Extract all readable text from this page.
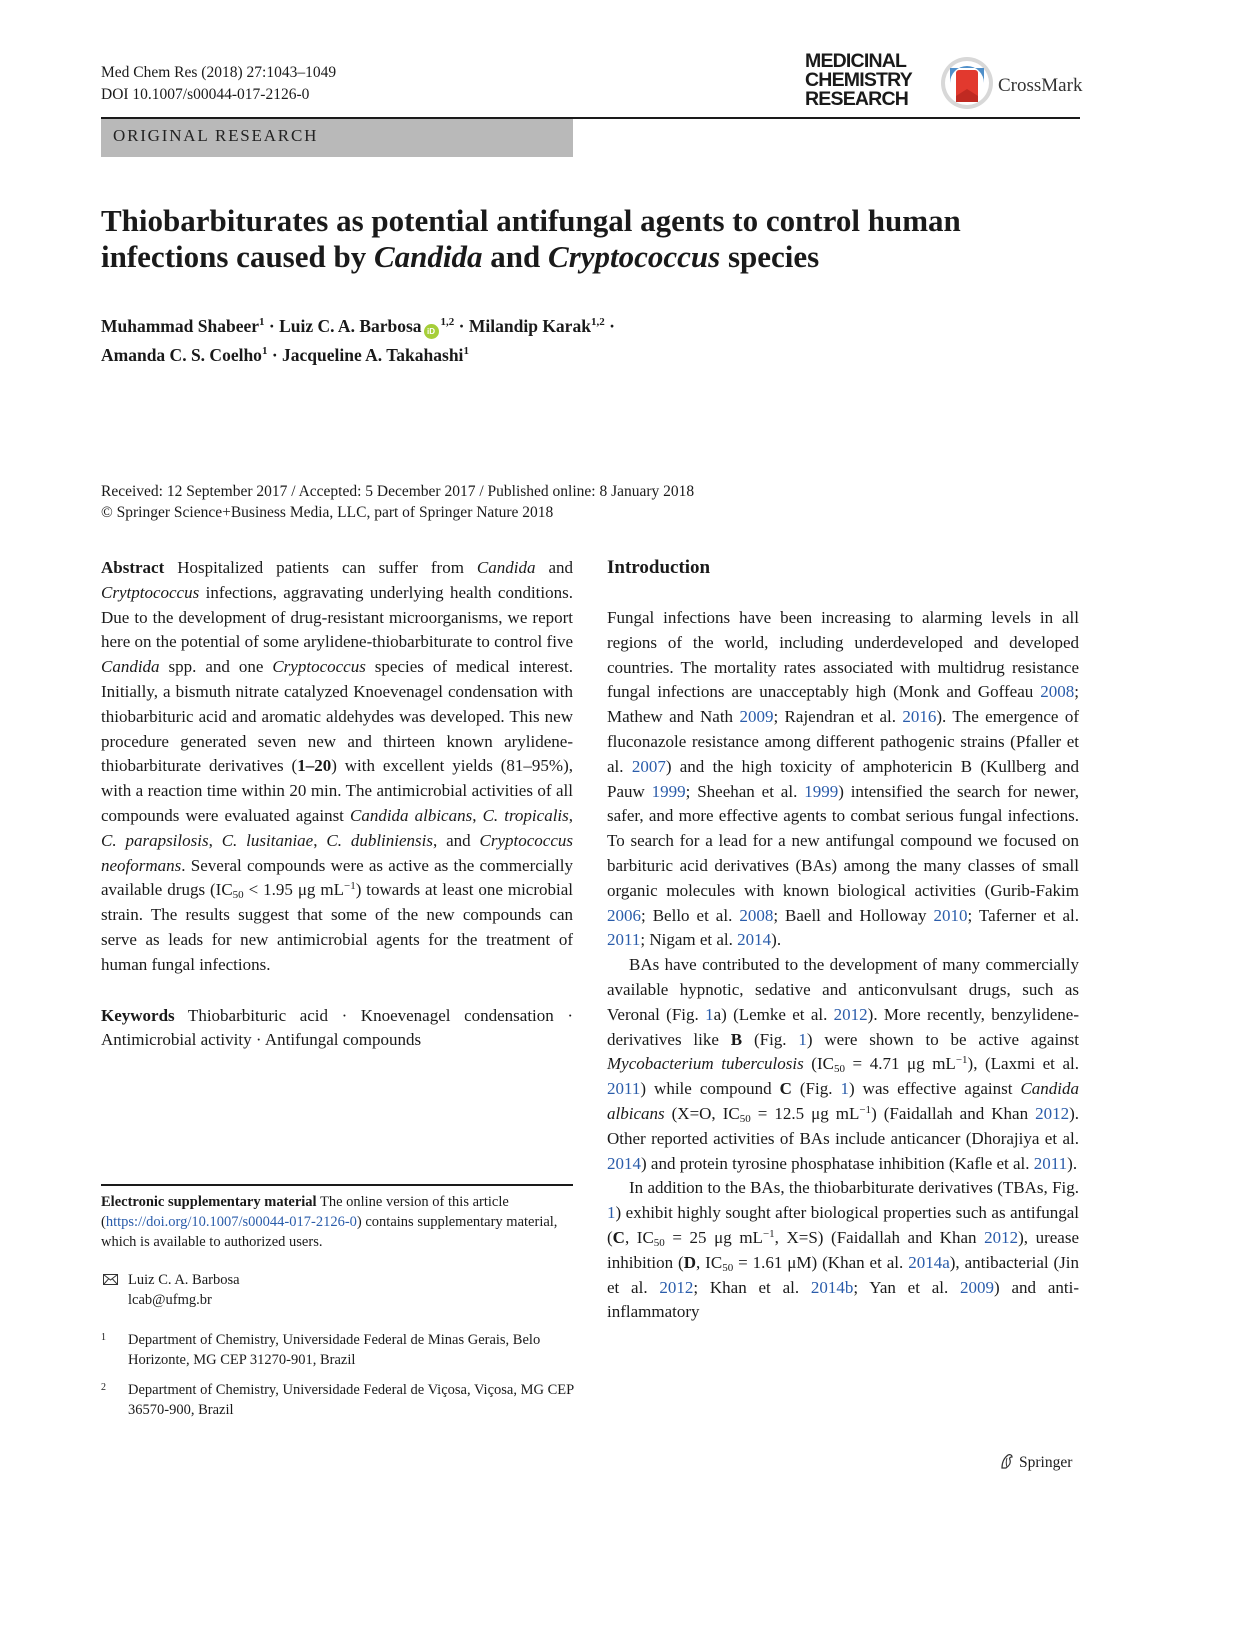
Med Chem Res (2018) 27:1043–1049
DOI 10.1007/s00044-017-2126-0
MEDICINAL
CHEMISTRY
RESEARCH
CrossMark
ORIGINAL RESEARCH
Thiobarbiturates as potential antifungal agents to control human infections caused by Candida and Cryptococcus species
Muhammad Shabeer$^1$ · Luiz C. A. Barbosa iD$^{1,2}$ · Milandip Karak$^{1,2}$ ·
Amanda C. S. Coelho$^1$ · Jacqueline A. Takahashi$^1$
Received: 12 September 2017 / Accepted: 5 December 2017 / Published online: 8 January 2018
© Springer Science+Business Media, LLC, part of Springer Nature 2018

Abstract Hospitalized patients can suffer from Candida and Crytptococcus infections, aggravating underlying health conditions. Due to the development of drug-resistant microorganisms, we report here on the potential of some arylidene-thiobarbiturate to control five Candida spp. and one Cryptococcus species of medical interest. Initially, a bismuth nitrate catalyzed Knoevenagel condensation with thiobarbituric acid and aromatic aldehydes was developed. This new procedure generated seven new and thirteen known arylidene-thiobarbiturate derivatives (1–20) with excellent yields (81–95%), with a reaction time within 20 min. The antimicrobial activities of all compounds were evaluated against Candida albicans, C. tropicalis, C. parapsilosis, C. lusitaniae, C. dubliniensis, and Cryptococcus neoformans. Several compounds were as active as the commercially available drugs ($IC_{50} < 1.95$ μg $mL^{-1}$) towards at least one microbial strain. The results suggest that some of the new compounds can serve as leads for new antimicrobial agents for the treatment of human fungal infections.

Keywords Thiobarbituric acid · Knoevenagel condensation · Antimicrobial activity · Antifungal compounds

Electronic supplementary material The online version of this article (https://doi.org/10.1007/s00044-017-2126-0) contains supplementary material, which is available to authorized users.
Luiz C. A. Barbosa
lcab@ufmg.br
1 Department of Chemistry, Universidade Federal de Minas Gerais, Belo Horizonte, MG CEP 31270-901, Brazil
2 Department of Chemistry, Universidade Federal de Viçosa, Viçosa, MG CEP 36570-900, Brazil
Introduction

Fungal infections have been increasing to alarming levels in all regions of the world, including underdeveloped and developed countries. The mortality rates associated with multidrug resistance fungal infections are unacceptably high (Monk and Goffeau 2008; Mathew and Nath 2009; Rajendran et al. 2016). The emergence of fluconazole resistance among different pathogenic strains (Pfaller et al. 2007) and the high toxicity of amphotericin B (Kullberg and Pauw 1999; Sheehan et al. 1999) intensified the search for newer, safer, and more effective agents to combat serious fungal infections. To search for a lead for a new antifungal compound we focused on barbituric acid derivatives (BAs) among the many classes of small organic molecules with known biological activities (Gurib-Fakim 2006; Bello et al. 2008; Baell and Holloway 2010; Taferner et al. 2011; Nigam et al. 2014).

BAs have contributed to the development of many commercially available hypnotic, sedative and anticonvulsant drugs, such as Veronal (Fig. 1a) (Lemke et al. 2012). More recently, benzylidene-derivatives like B (Fig. 1) were shown to be active against Mycobacterium tuberculosis ($IC_{50} = 4.71$ μg $mL^{-1}$), (Laxmi et al. 2011) while compound C (Fig. 1) was effective against Candida albicans (X=O, $IC_{50} = 12.5$ μg $mL^{-1}$) (Faidallah and Khan 2012). Other reported activities of BAs include anticancer (Dhorajiya et al. 2014) and protein tyrosine phosphatase inhibition (Kafle et al. 2011).

In addition to the BAs, the thiobarbiturate derivatives (TBAs, Fig. 1) exhibit highly sought after biological properties such as antifungal (C, $IC_{50} = 25$ μg $mL^{-1}$, X=S) (Faidallah and Khan 2012), urease inhibition (D, $IC_{50} = 1.61$ μM) (Khan et al. 2014a), antibacterial (Jin et al. 2012; Khan et al. 2014b; Yan et al. 2009) and anti-inflammatory

Springer
